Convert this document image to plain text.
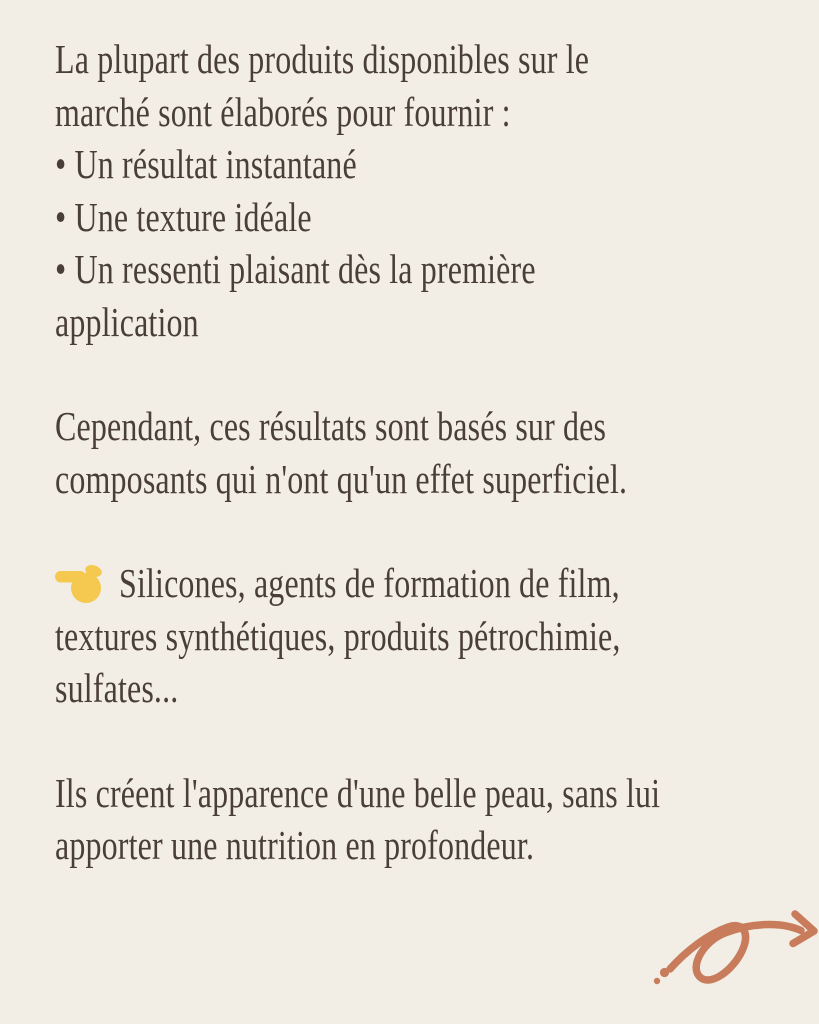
La plupart des produits disponibles sur le
marché sont élaborés pour fournir :
• Un résultat instantané
• Une texture idéale
• Un ressenti plaisant dès la première
application
Cependant, ces résultats sont basés sur des
composants qui n'ont qu'un effet superficiel.
Silicones, agents de formation de film,
textures synthétiques, produits pétrochimie,
sulfates...
Ils créent l'apparence d'une belle peau, sans lui
apporter une nutrition en profondeur.
